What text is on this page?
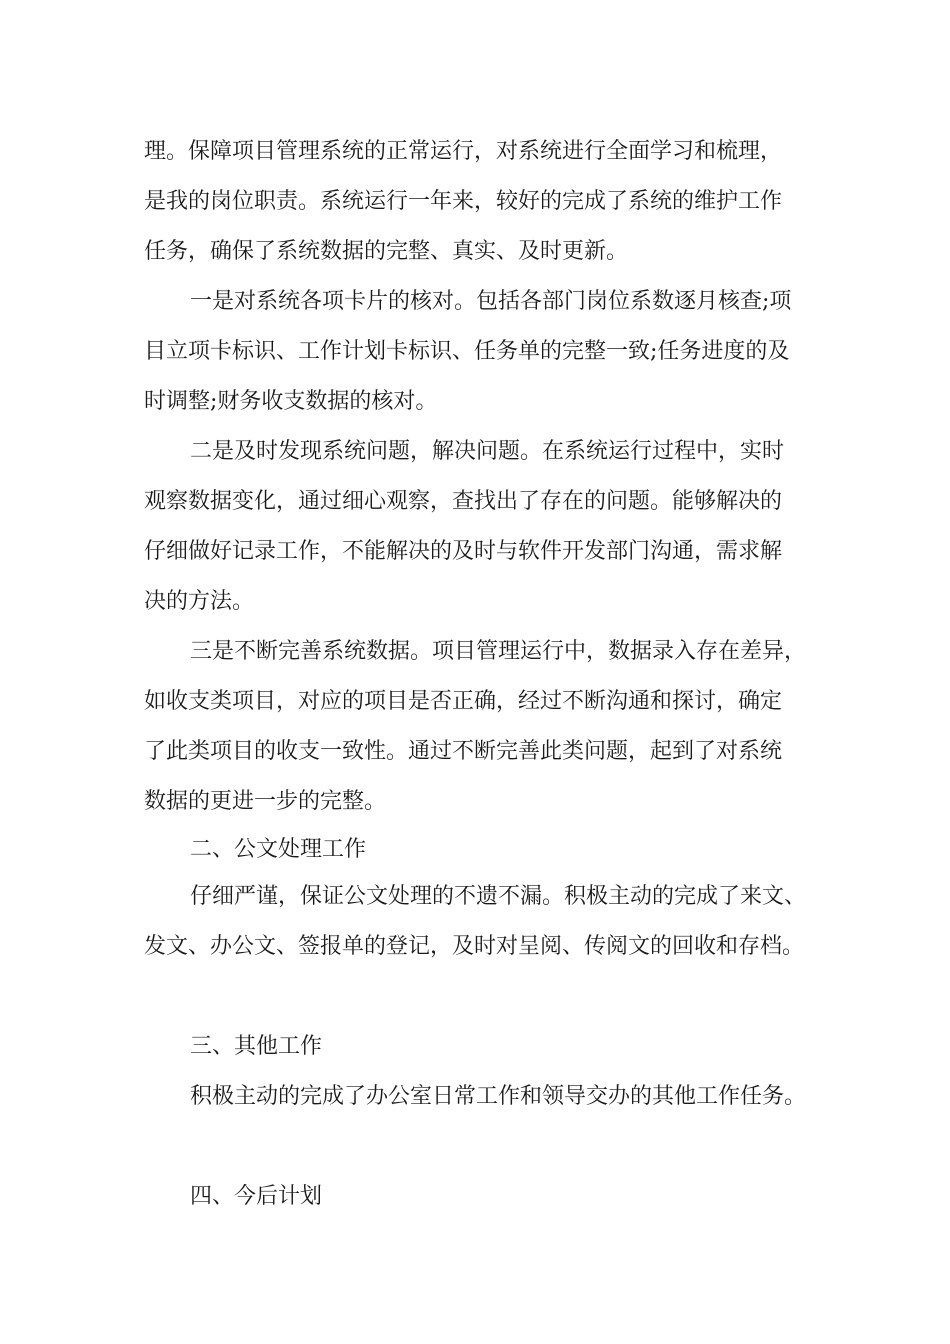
理。保障项目管理系统的正常运行，对系统进行全面学习和梳理，
是我的岗位职责。系统运行一年来，较好的完成了系统的维护工作
任务，确保了系统数据的完整、真实、及时更新。
一是对系统各项卡片的核对。包括各部门岗位系数逐月核查;项
目立项卡标识、工作计划卡标识、任务单的完整一致;任务进度的及
时调整;财务收支数据的核对。
二是及时发现系统问题，解决问题。在系统运行过程中，实时
观察数据变化，通过细心观察，查找出了存在的问题。能够解决的
仔细做好记录工作，不能解决的及时与软件开发部门沟通，需求解
决的方法。
三是不断完善系统数据。项目管理运行中，数据录入存在差异，
如收支类项目，对应的项目是否正确，经过不断沟通和探讨，确定
了此类项目的收支一致性。通过不断完善此类问题，起到了对系统
数据的更进一步的完整。
二、公文处理工作
仔细严谨，保证公文处理的不遗不漏。积极主动的完成了来文、
发文、办公文、签报单的登记，及时对呈阅、传阅文的回收和存档。
三、其他工作
积极主动的完成了办公室日常工作和领导交办的其他工作任务。
四、今后计划
